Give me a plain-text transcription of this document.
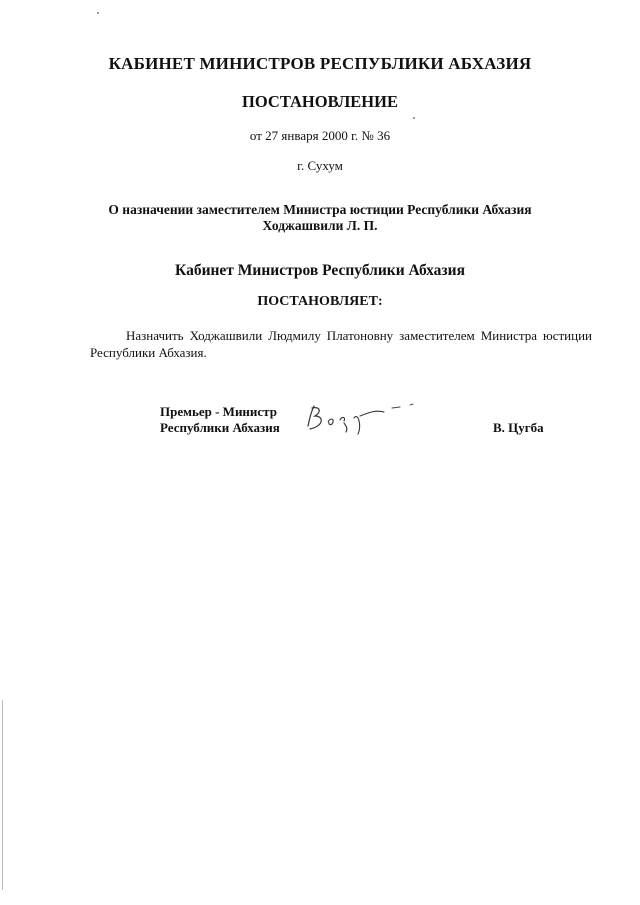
КАБИНЕТ МИНИСТРОВ РЕСПУБЛИКИ АБХАЗИЯ
ПОСТАНОВЛЕНИЕ
от 27 января 2000 г. № 36
г. Сухум
О назначении заместителем Министра юстиции Республики Абхазия
Ходжашвили Л. П.
Кабинет Министров Республики Абхазия
ПОСТАНОВЛЯЕТ:
Назначить Ходжашвили Людмилу Платоновну заместителем Министра юстиции Республики Абхазия.
Премьер - Министр
Республики Абхазия	В. Цугба
